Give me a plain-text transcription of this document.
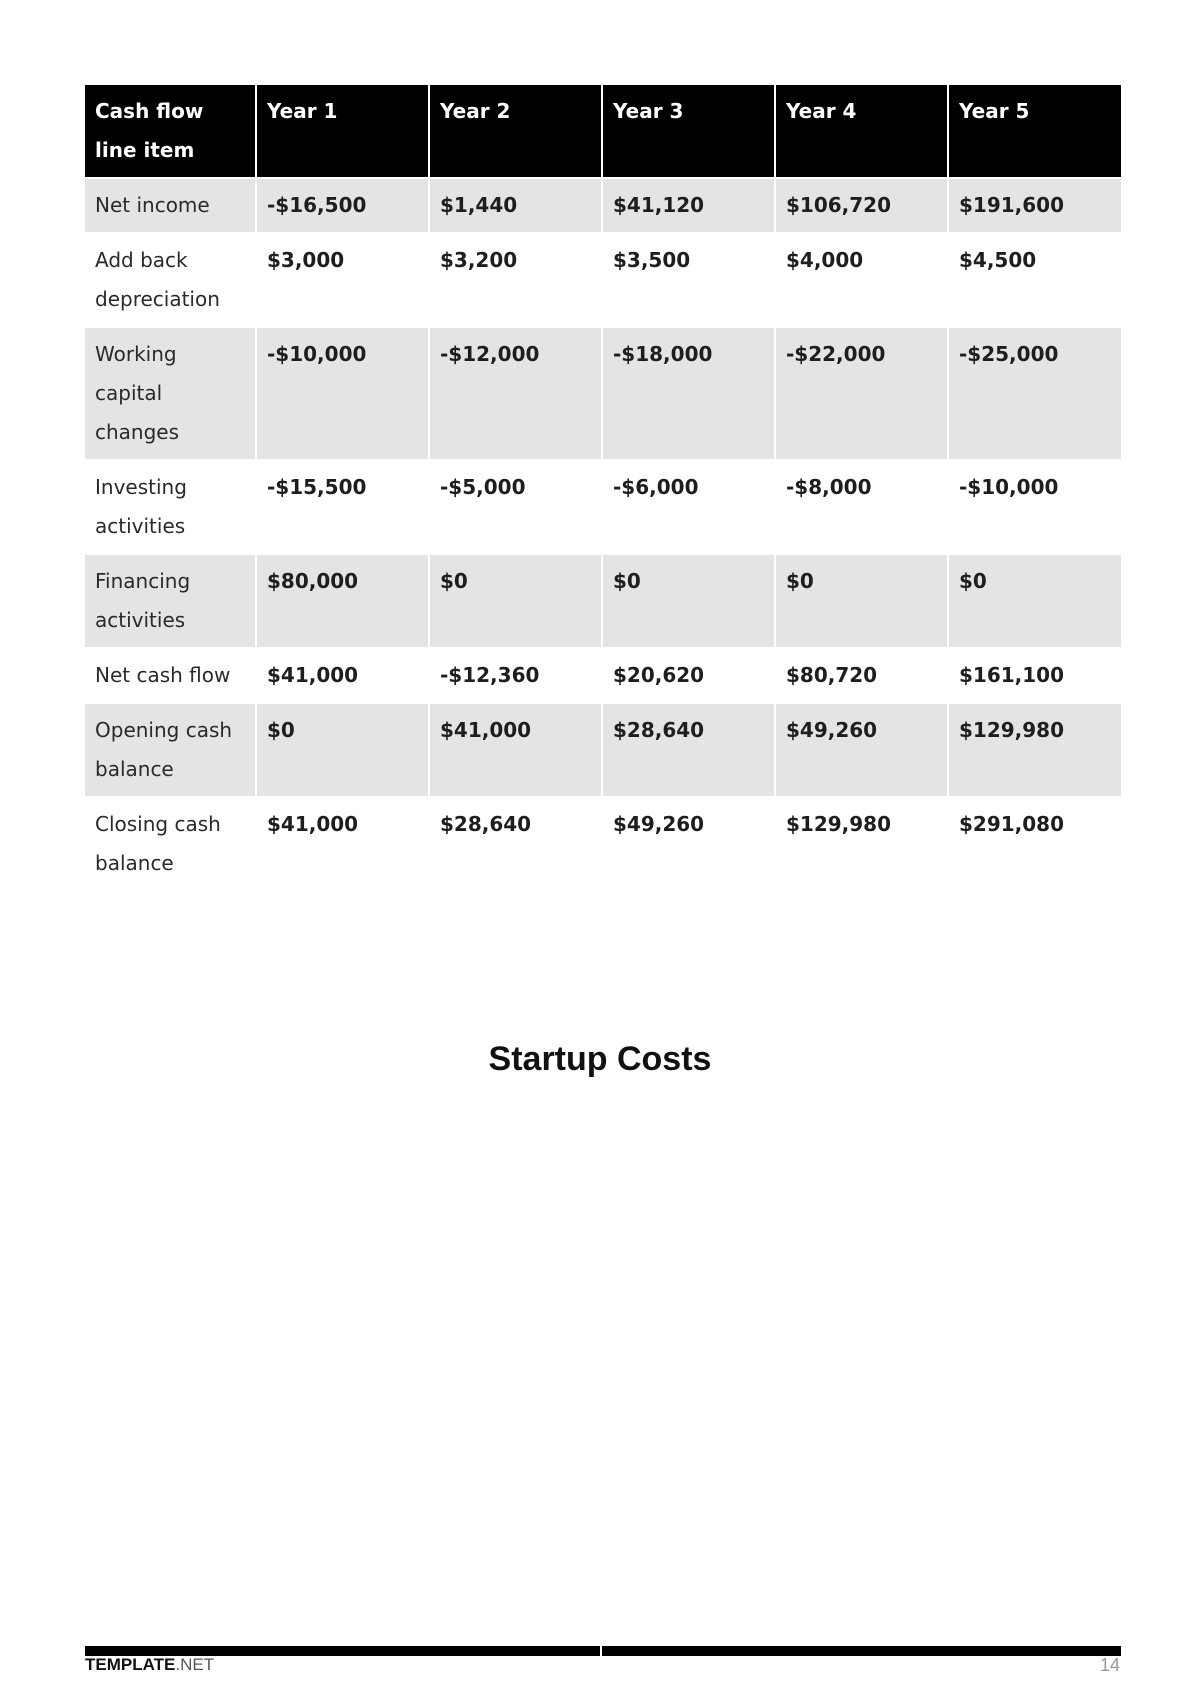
Cash flow line item	Year 1	Year 2	Year 3	Year 4	Year 5
Net income	-$16,500	$1,440	$41,120	$106,720	$191,600
Add back depreciation	$3,000	$3,200	$3,500	$4,000	$4,500
Working capital changes	-$10,000	-$12,000	-$18,000	-$22,000	-$25,000
Investing activities	-$15,500	-$5,000	-$6,000	-$8,000	-$10,000
Financing activities	$80,000	$0	$0	$0	$0
Net cash flow	$41,000	-$12,360	$20,620	$80,720	$161,100
Opening cash balance	$0	$41,000	$28,640	$49,260	$129,980
Closing cash balance	$41,000	$28,640	$49,260	$129,980	$291,080
Startup Costs
TEMPLATE.NET	14
